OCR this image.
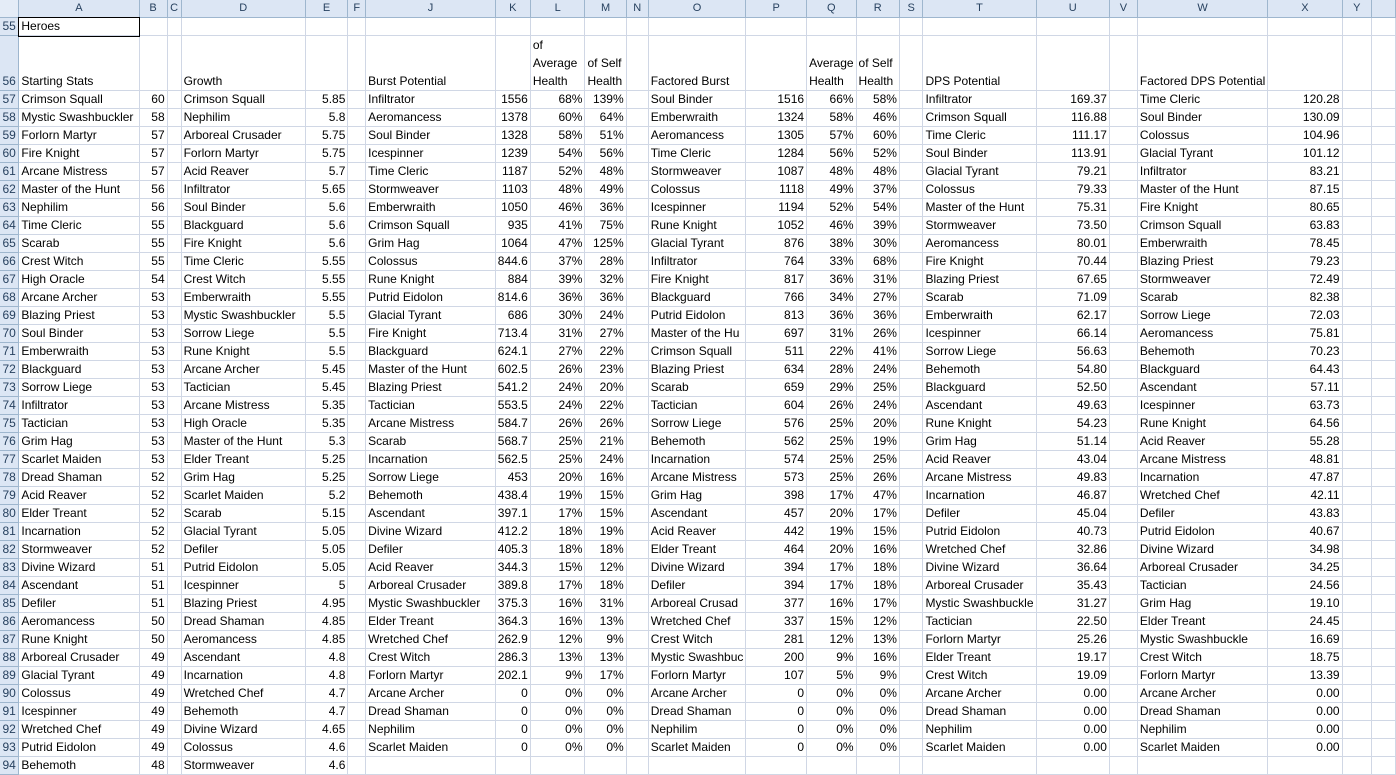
	A	B	C	D	E	F	J	K	L	M	N	O	P	Q	R	S	T	U	V	W	X	Y	
55	Heroes																						
56	Starting Stats			Growth			Burst Potential		of Average Health	of Self Health		Factored Burst		Average Health	of Self Health		DPS Potential			Factored DPS Potential			
57	Crimson Squall	60		Crimson Squall	5.85		Infiltrator	1556	68%	139%		Soul Binder	1516	66%	58%		Infiltrator	169.37		Time Cleric	120.28		
58	Mystic Swashbuckler	58		Nephilim	5.8		Aeromancess	1378	60%	64%		Emberwraith	1324	58%	46%		Crimson Squall	116.88		Soul Binder	130.09		
59	Forlorn Martyr	57		Arboreal Crusader	5.75		Soul Binder	1328	58%	51%		Aeromancess	1305	57%	60%		Time Cleric	111.17		Colossus	104.96		
60	Fire Knight	57		Forlorn Martyr	5.75		Icespinner	1239	54%	56%		Time Cleric	1284	56%	52%		Soul Binder	113.91		Glacial Tyrant	101.12		
61	Arcane Mistress	57		Acid Reaver	5.7		Time Cleric	1187	52%	48%		Stormweaver	1087	48%	48%		Glacial Tyrant	79.21		Infiltrator	83.21		
62	Master of the Hunt	56		Infiltrator	5.65		Stormweaver	1103	48%	49%		Colossus	1118	49%	37%		Colossus	79.33		Master of the Hunt	87.15		
63	Nephilim	56		Soul Binder	5.6		Emberwraith	1050	46%	36%		Icespinner	1194	52%	54%		Master of the Hunt	75.31		Fire Knight	80.65		
64	Time Cleric	55		Blackguard	5.6		Crimson Squall	935	41%	75%		Rune Knight	1052	46%	39%		Stormweaver	73.50		Crimson Squall	63.83		
65	Scarab	55		Fire Knight	5.6		Grim Hag	1064	47%	125%		Glacial Tyrant	876	38%	30%		Aeromancess	80.01		Emberwraith	78.45		
66	Crest Witch	55		Time Cleric	5.55		Colossus	844.6	37%	28%		Infiltrator	764	33%	68%		Fire Knight	70.44		Blazing Priest	79.23		
67	High Oracle	54		Crest Witch	5.55		Rune Knight	884	39%	32%		Fire Knight	817	36%	31%		Blazing Priest	67.65		Stormweaver	72.49		
68	Arcane Archer	53		Emberwraith	5.55		Putrid Eidolon	814.6	36%	36%		Blackguard	766	34%	27%		Scarab	71.09		Scarab	82.38		
69	Blazing Priest	53		Mystic Swashbuckler	5.5		Glacial Tyrant	686	30%	24%		Putrid Eidolon	813	36%	36%		Emberwraith	62.17		Sorrow Liege	72.03		
70	Soul Binder	53		Sorrow Liege	5.5		Fire Knight	713.4	31%	27%		Master of the Hu	697	31%	26%		Icespinner	66.14		Aeromancess	75.81		
71	Emberwraith	53		Rune Knight	5.5		Blackguard	624.1	27%	22%		Crimson Squall	511	22%	41%		Sorrow Liege	56.63		Behemoth	70.23		
72	Blackguard	53		Arcane Archer	5.45		Master of the Hunt	602.5	26%	23%		Blazing Priest	634	28%	24%		Behemoth	54.80		Blackguard	64.43		
73	Sorrow Liege	53		Tactician	5.45		Blazing Priest	541.2	24%	20%		Scarab	659	29%	25%		Blackguard	52.50		Ascendant	57.11		
74	Infiltrator	53		Arcane Mistress	5.35		Tactician	553.5	24%	22%		Tactician	604	26%	24%		Ascendant	49.63		Icespinner	63.73		
75	Tactician	53		High Oracle	5.35		Arcane Mistress	584.7	26%	26%		Sorrow Liege	576	25%	20%		Rune Knight	54.23		Rune Knight	64.56		
76	Grim Hag	53		Master of the Hunt	5.3		Scarab	568.7	25%	21%		Behemoth	562	25%	19%		Grim Hag	51.14		Acid Reaver	55.28		
77	Scarlet Maiden	53		Elder Treant	5.25		Incarnation	562.5	25%	24%		Incarnation	574	25%	25%		Acid Reaver	43.04		Arcane Mistress	48.81		
78	Dread Shaman	52		Grim Hag	5.25		Sorrow Liege	453	20%	16%		Arcane Mistress	573	25%	26%		Arcane Mistress	49.83		Incarnation	47.87		
79	Acid Reaver	52		Scarlet Maiden	5.2		Behemoth	438.4	19%	15%		Grim Hag	398	17%	47%		Incarnation	46.87		Wretched Chef	42.11		
80	Elder Treant	52		Scarab	5.15		Ascendant	397.1	17%	15%		Ascendant	457	20%	17%		Defiler	45.04		Defiler	43.83		
81	Incarnation	52		Glacial Tyrant	5.05		Divine Wizard	412.2	18%	19%		Acid Reaver	442	19%	15%		Putrid Eidolon	40.73		Putrid Eidolon	40.67		
82	Stormweaver	52		Defiler	5.05		Defiler	405.3	18%	18%		Elder Treant	464	20%	16%		Wretched Chef	32.86		Divine Wizard	34.98		
83	Divine Wizard	51		Putrid Eidolon	5.05		Acid Reaver	344.3	15%	12%		Divine Wizard	394	17%	18%		Divine Wizard	36.64		Arboreal Crusader	34.25		
84	Ascendant	51		Icespinner	5		Arboreal Crusader	389.8	17%	18%		Defiler	394	17%	18%		Arboreal Crusader	35.43		Tactician	24.56		
85	Defiler	51		Blazing Priest	4.95		Mystic Swashbuckler	375.3	16%	31%		Arboreal Crusad	377	16%	17%		Mystic Swashbuckle	31.27		Grim Hag	19.10		
86	Aeromancess	50		Dread Shaman	4.85		Elder Treant	364.3	16%	13%		Wretched Chef	337	15%	12%		Tactician	22.50		Elder Treant	24.45		
87	Rune Knight	50		Aeromancess	4.85		Wretched Chef	262.9	12%	9%		Crest Witch	281	12%	13%		Forlorn Martyr	25.26		Mystic Swashbuckle	16.69		
88	Arboreal Crusader	49		Ascendant	4.8		Crest Witch	286.3	13%	13%		Mystic Swashbuc	200	9%	16%		Elder Treant	19.17		Crest Witch	18.75		
89	Glacial Tyrant	49		Incarnation	4.8		Forlorn Martyr	202.1	9%	17%		Forlorn Martyr	107	5%	9%		Crest Witch	19.09		Forlorn Martyr	13.39		
90	Colossus	49		Wretched Chef	4.7		Arcane Archer	0	0%	0%		Arcane Archer	0	0%	0%		Arcane Archer	0.00		Arcane Archer	0.00		
91	Icespinner	49		Behemoth	4.7		Dread Shaman	0	0%	0%		Dread Shaman	0	0%	0%		Dread Shaman	0.00		Dread Shaman	0.00		
92	Wretched Chef	49		Divine Wizard	4.65		Nephilim	0	0%	0%		Nephilim	0	0%	0%		Nephilim	0.00		Nephilim	0.00		
93	Putrid Eidolon	49		Colossus	4.6		Scarlet Maiden	0	0%	0%		Scarlet Maiden	0	0%	0%		Scarlet Maiden	0.00		Scarlet Maiden	0.00		
94	Behemoth	48		Stormweaver	4.6																		
